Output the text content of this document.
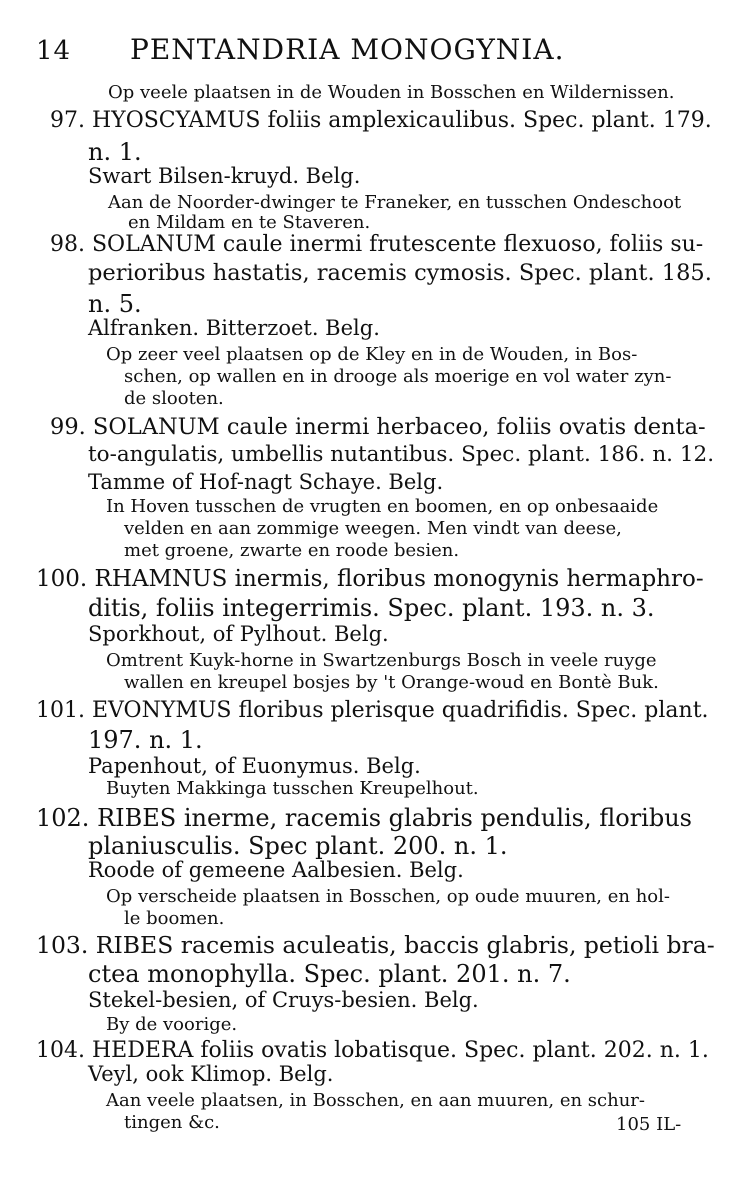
14 PENTANDRIA MONOGYNIA.
Op veele plaatsen in de Wouden in Bosschen en Wildernissen.
97. HYOSCYAMUS foliis amplexicaulibus. Spec. plant. 179.
n. 1.
Swart Bilsen-kruyd. Belg.
Aan de Noorder-dwinger te Franeker, en tusschen Ondeschoot
en Mildam en te Staveren.
98. SOLANUM caule inermi frutescente flexuoso, foliis su-
perioribus hastatis, racemis cymosis. Spec. plant. 185.
n. 5.
Alfranken. Bitterzoet. Belg.
Op zeer veel plaatsen op de Kley en in de Wouden, in Bos-
schen, op wallen en in drooge als moerige en vol water zyn-
de slooten.
99. SOLANUM caule inermi herbaceo, foliis ovatis denta-
to-angulatis, umbellis nutantibus. Spec. plant. 186. n. 12.
Tamme of Hof-nagt Schaye. Belg.
In Hoven tusschen de vrugten en boomen, en op onbesaaide
velden en aan zommige weegen. Men vindt van deese,
met groene, zwarte en roode besien.
100. RHAMNUS inermis, floribus monogynis hermaphro-
ditis, foliis integerrimis. Spec. plant. 193. n. 3.
Sporkhout, of Pylhout. Belg.
Omtrent Kuyk-horne in Swartzenburgs Bosch in veele ruyge
wallen en kreupel bosjes by 't Orange-woud en Bontè Buk.
101. EVONYMUS floribus plerisque quadrifidis. Spec. plant.
197. n. 1.
Papenhout, of Euonymus. Belg.
Buyten Makkinga tusschen Kreupelhout.
102. RIBES inerme, racemis glabris pendulis, floribus
planiusculis. Spec plant. 200. n. 1.
Roode of gemeene Aalbesien. Belg.
Op verscheide plaatsen in Bosschen, op oude muuren, en hol-
le boomen.
103. RIBES racemis aculeatis, baccis glabris, petioli bra-
ctea monophylla. Spec. plant. 201. n. 7.
Stekel-besien, of Cruys-besien. Belg.
By de voorige.
104. HEDERA foliis ovatis lobatisque. Spec. plant. 202. n. 1.
Veyl, ook Klimop. Belg.
Aan veele plaatsen, in Bosschen, en aan muuren, en schur-
tingen &c.	105 IL-
